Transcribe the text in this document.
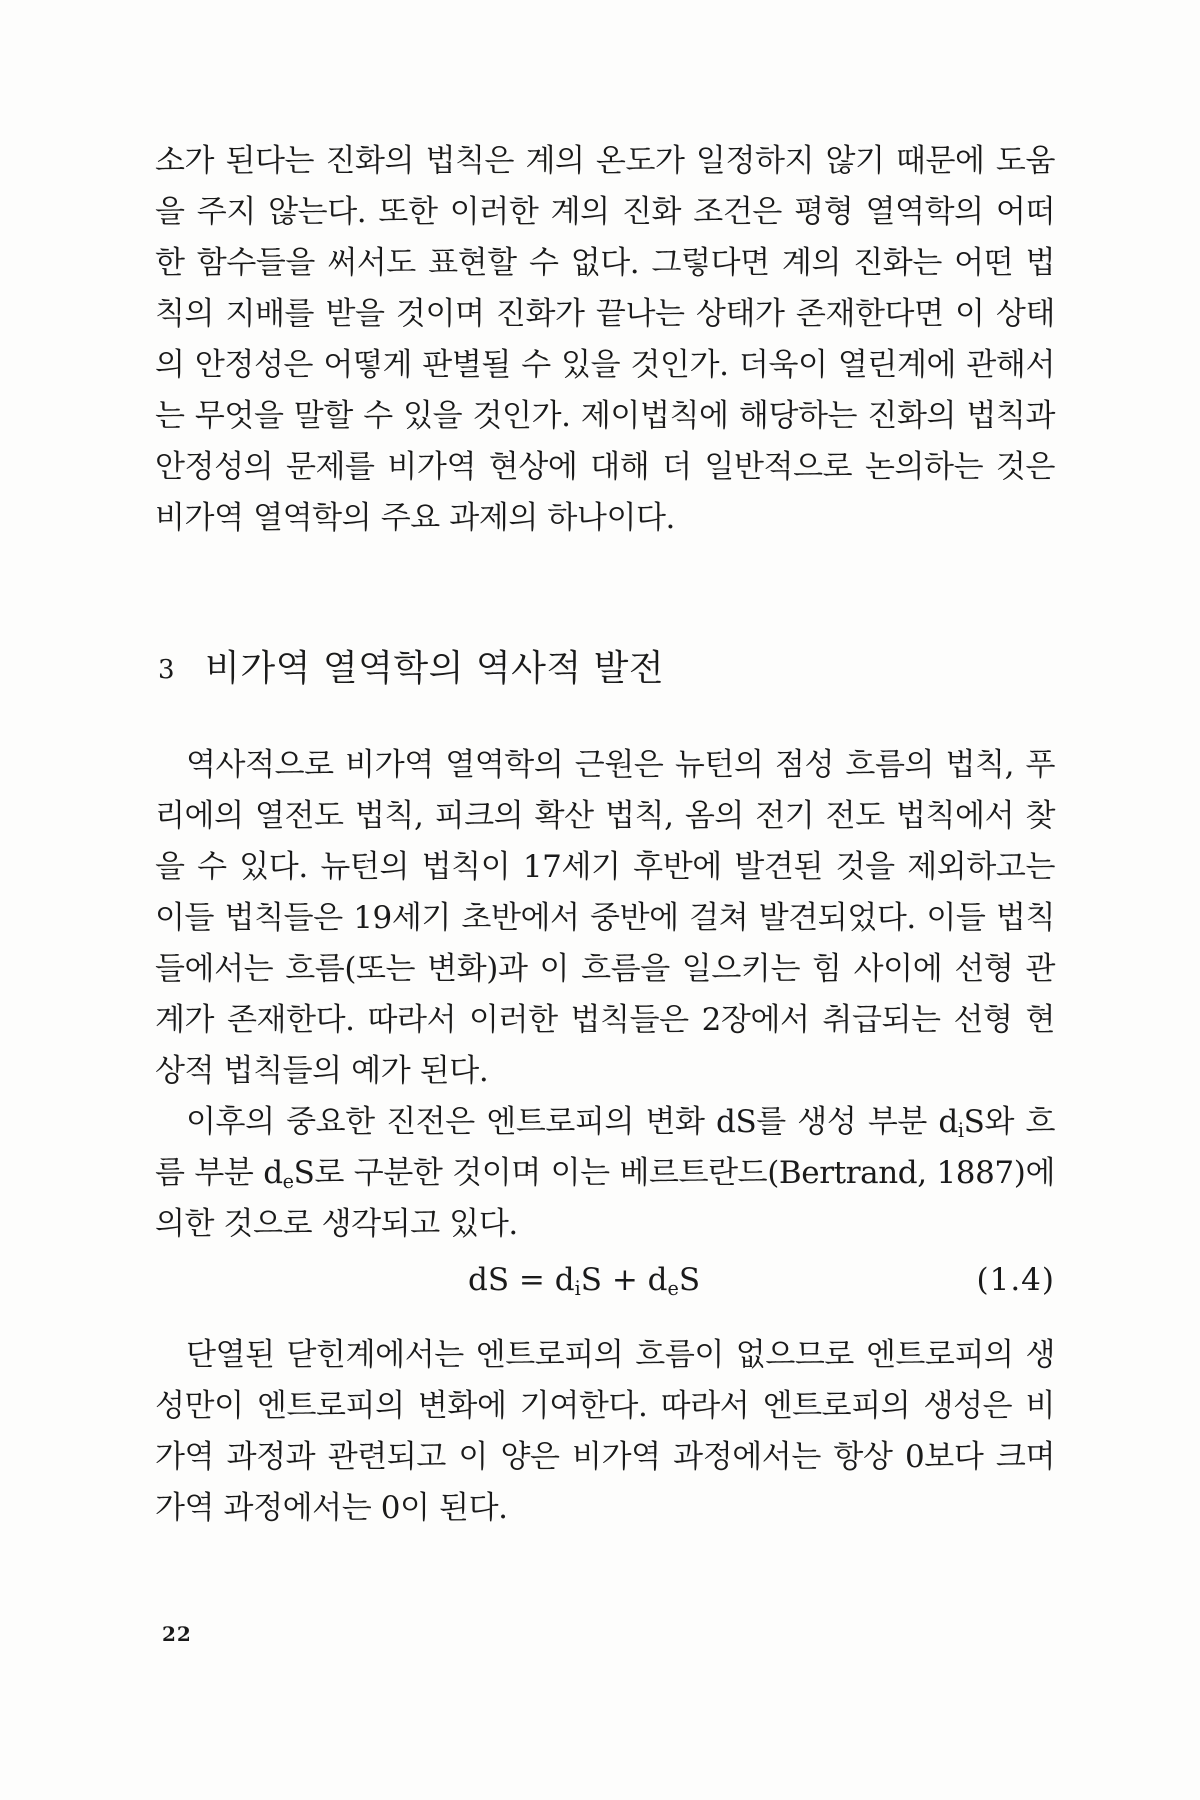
소가 된다는 진화의 법칙은 계의 온도가 일정하지 않기 때문에 도움을 주지 않는다. 또한 이러한 계의 진화 조건은 평형 열역학의 어떠한 함수들을 써서도 표현할 수 없다. 그렇다면 계의 진화는 어떤 법칙의 지배를 받을 것이며 진화가 끝나는 상태가 존재한다면 이 상태의 안정성은 어떻게 판별될 수 있을 것인가. 더욱이 열린계에 관해서는 무엇을 말할 수 있을 것인가. 제이법칙에 해당하는 진화의 법칙과 안정성의 문제를 비가역 현상에 대해 더 일반적으로 논의하는 것은 비가역 열역학의 주요 과제의 하나이다.

3 비가역 열역학의 역사적 발전

역사적으로 비가역 열역학의 근원은 뉴턴의 점성 흐름의 법칙, 푸리에의 열전도 법칙, 피크의 확산 법칙, 옴의 전기 전도 법칙에서 찾을 수 있다. 뉴턴의 법칙이 17세기 후반에 발견된 것을 제외하고는 이들 법칙들은 19세기 초반에서 중반에 걸쳐 발견되었다. 이들 법칙들에서는 흐름(또는 변화)과 이 흐름을 일으키는 힘 사이에 선형 관계가 존재한다. 따라서 이러한 법칙들은 2장에서 취급되는 선형 현상적 법칙들의 예가 된다.

이후의 중요한 진전은 엔트로피의 변화 dS를 생성 부분 $d_iS$와 흐름 부분 $d_eS$로 구분한 것이며 이는 베르트란드(Bertrand, 1887)에 의한 것으로 생각되고 있다.

dS = $d_iS + d_eS$	(1.4)

단열된 닫힌계에서는 엔트로피의 흐름이 없으므로 엔트로피의 생성만이 엔트로피의 변화에 기여한다. 따라서 엔트로피의 생성은 비가역 과정과 관련되고 이 양은 비가역 과정에서는 항상 0보다 크며 가역 과정에서는 0이 된다.

22
